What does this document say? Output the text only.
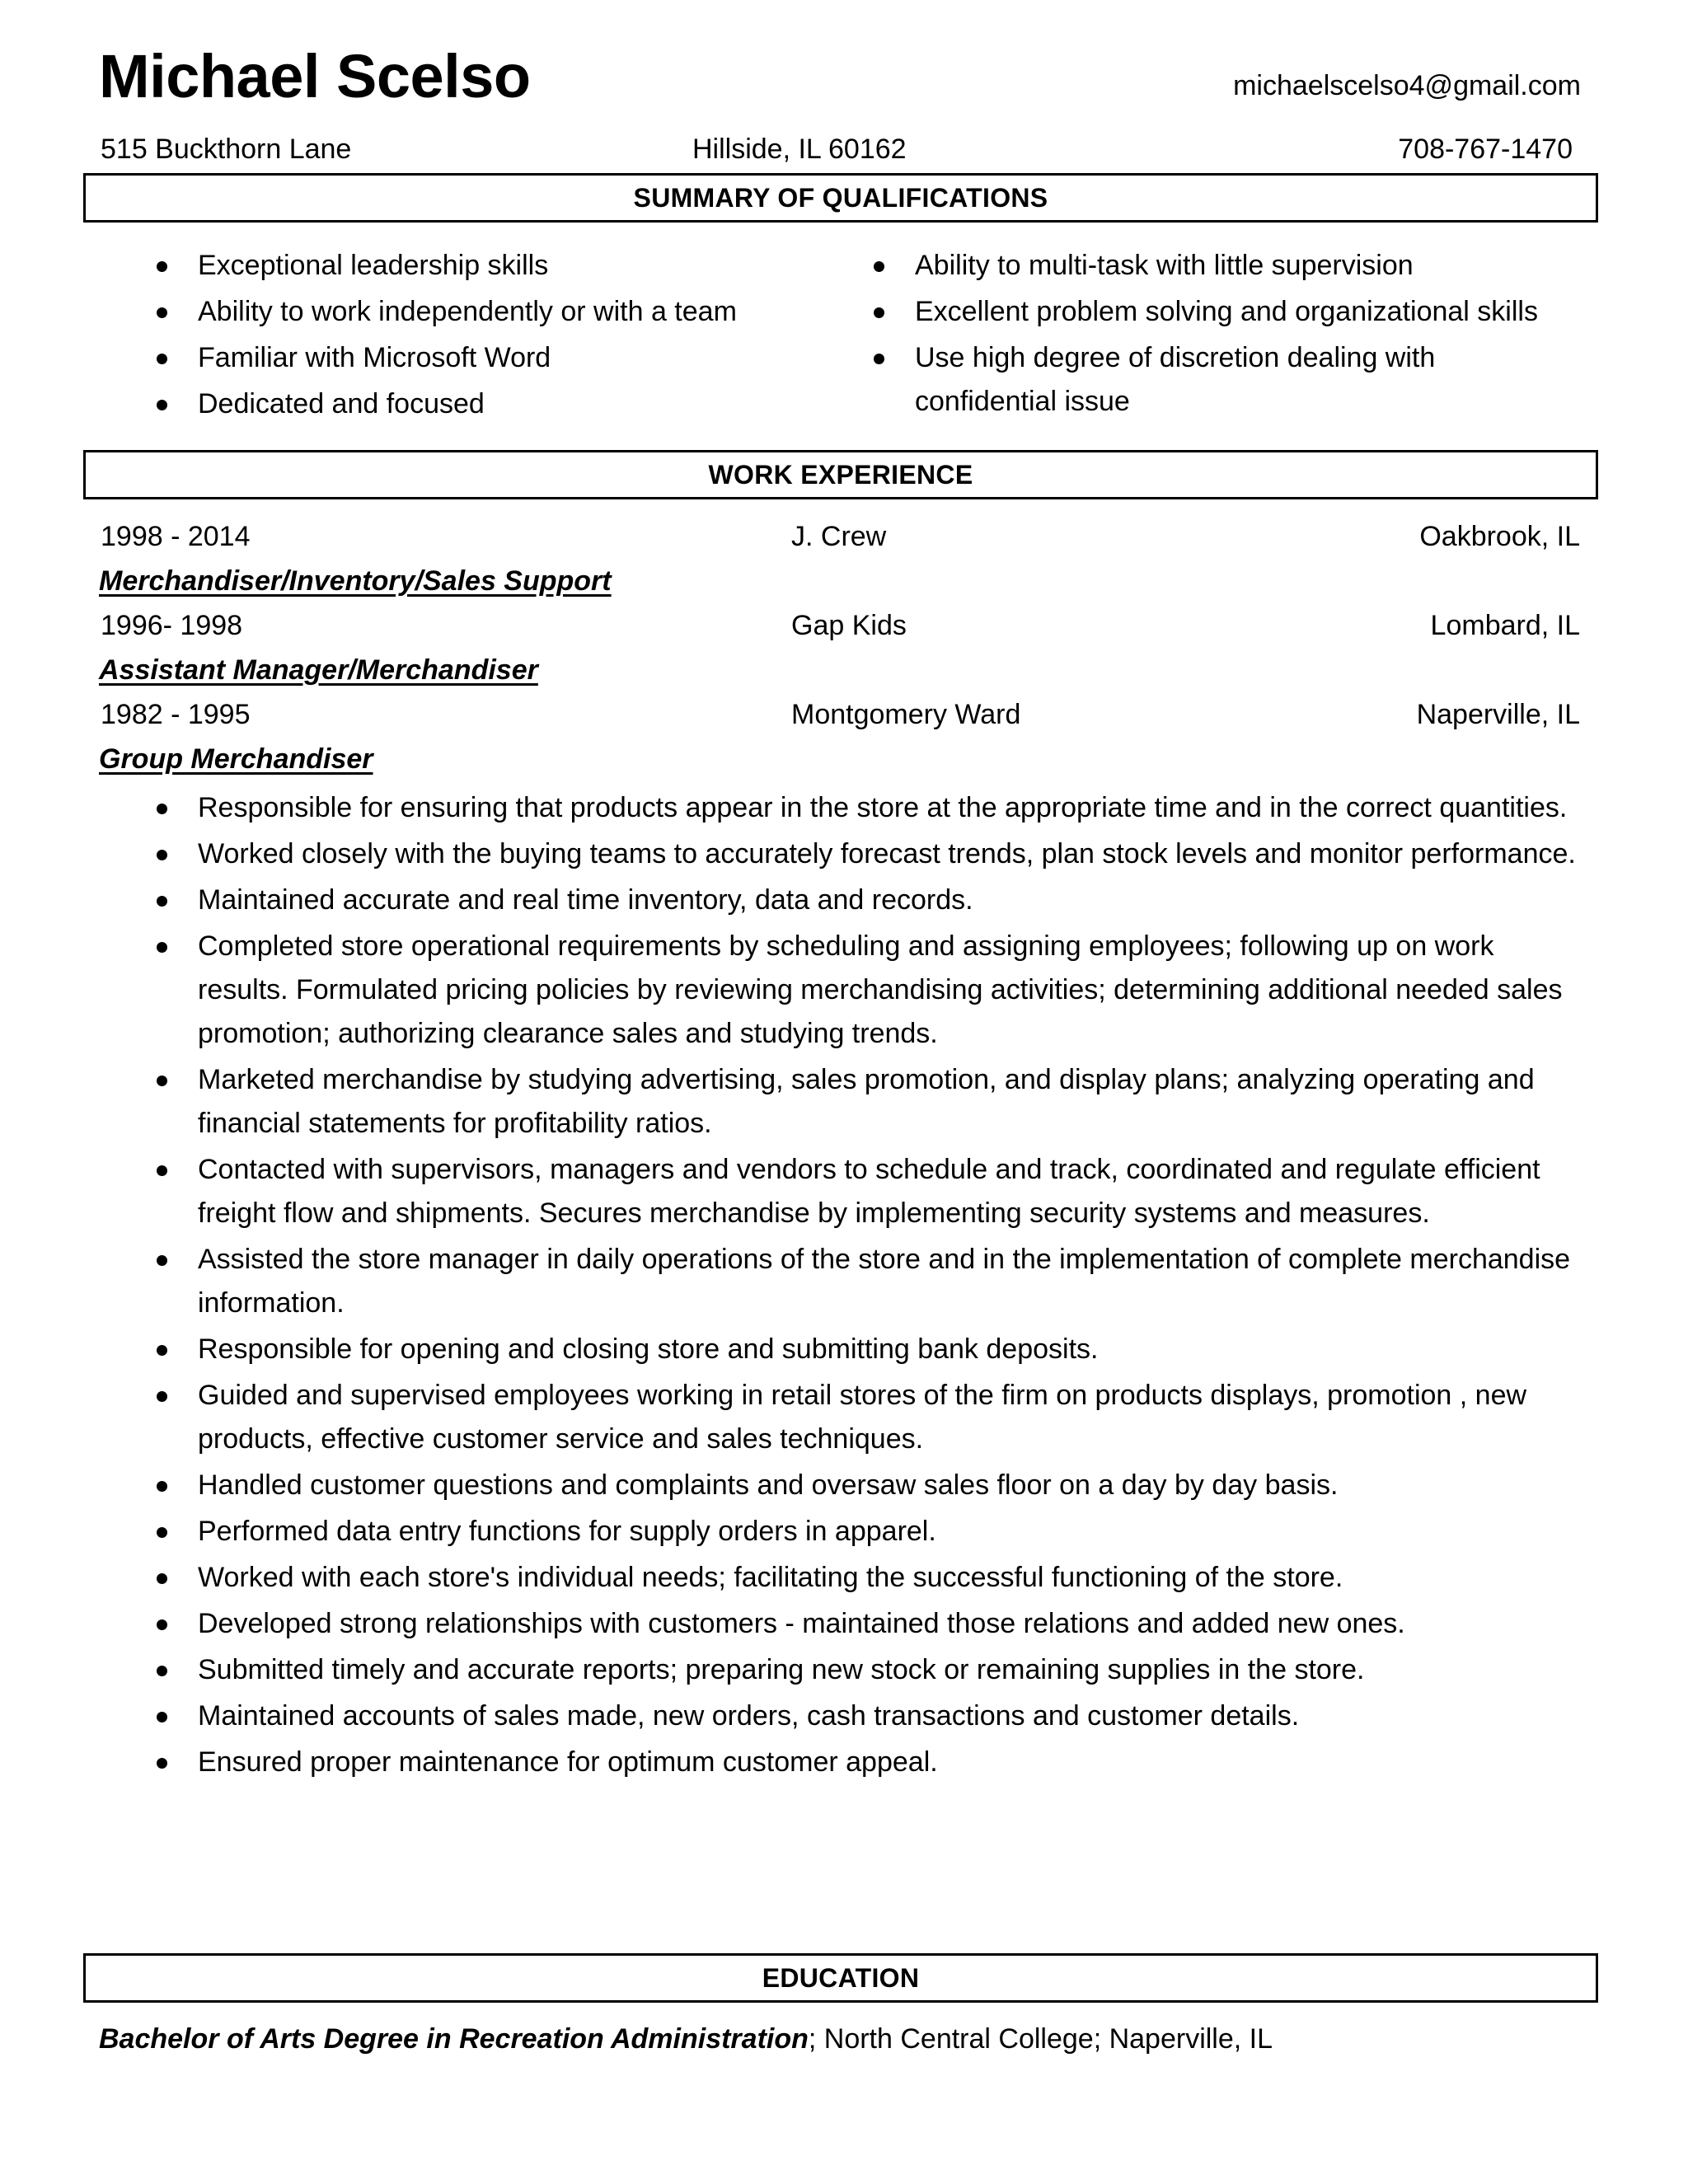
Michael Scelso	michaelscelso4@gmail.com
515 Buckthorn Lane	Hillside, IL 60162	708-767-1470
SUMMARY OF QUALIFICATIONS
Exceptional leadership skills
Ability to work independently or with a team
Familiar with Microsoft Word
Dedicated and focused
Ability to multi-task with little supervision
Excellent problem solving and organizational skills
Use high degree of discretion dealing with confidential issue
WORK EXPERIENCE
1998 - 2014	J. Crew	Oakbrook, IL
Merchandiser/Inventory/Sales Support
1996- 1998	Gap Kids	Lombard, IL
Assistant Manager/Merchandiser
1982 - 1995	Montgomery Ward	Naperville, IL
Group Merchandiser
Responsible for ensuring that products appear in the store at the appropriate time and in the correct quantities.
Worked closely with the buying teams to accurately forecast trends, plan stock levels and monitor performance.
Maintained accurate and real time inventory, data and records.
Completed store operational requirements by scheduling and assigning employees; following up on work results. Formulated pricing policies by reviewing merchandising activities; determining additional needed sales promotion; authorizing clearance sales and studying trends.
Marketed merchandise by studying advertising, sales promotion, and display plans; analyzing operating and financial statements for profitability ratios.
Contacted with supervisors, managers and vendors to schedule and track, coordinated and regulate efficient freight flow and shipments. Secures merchandise by implementing security systems and measures.
Assisted the store manager in daily operations of the store and in the implementation of complete merchandise information.
Responsible for opening and closing store and submitting bank deposits.
Guided and supervised employees working in retail stores of the firm on products displays, promotion , new products, effective customer service and sales techniques.
Handled customer questions and complaints and oversaw sales floor on a day by day basis.
Performed data entry functions for supply orders in apparel.
Worked with each store's individual needs; facilitating the successful functioning of the store.
Developed strong relationships with customers - maintained those relations and added new ones.
Submitted timely and accurate reports; preparing new stock or remaining supplies in the store.
Maintained accounts of sales made, new orders, cash transactions and customer details.
Ensured proper maintenance for optimum customer appeal.
EDUCATION
Bachelor of Arts Degree in Recreation Administration; North Central College; Naperville, IL
